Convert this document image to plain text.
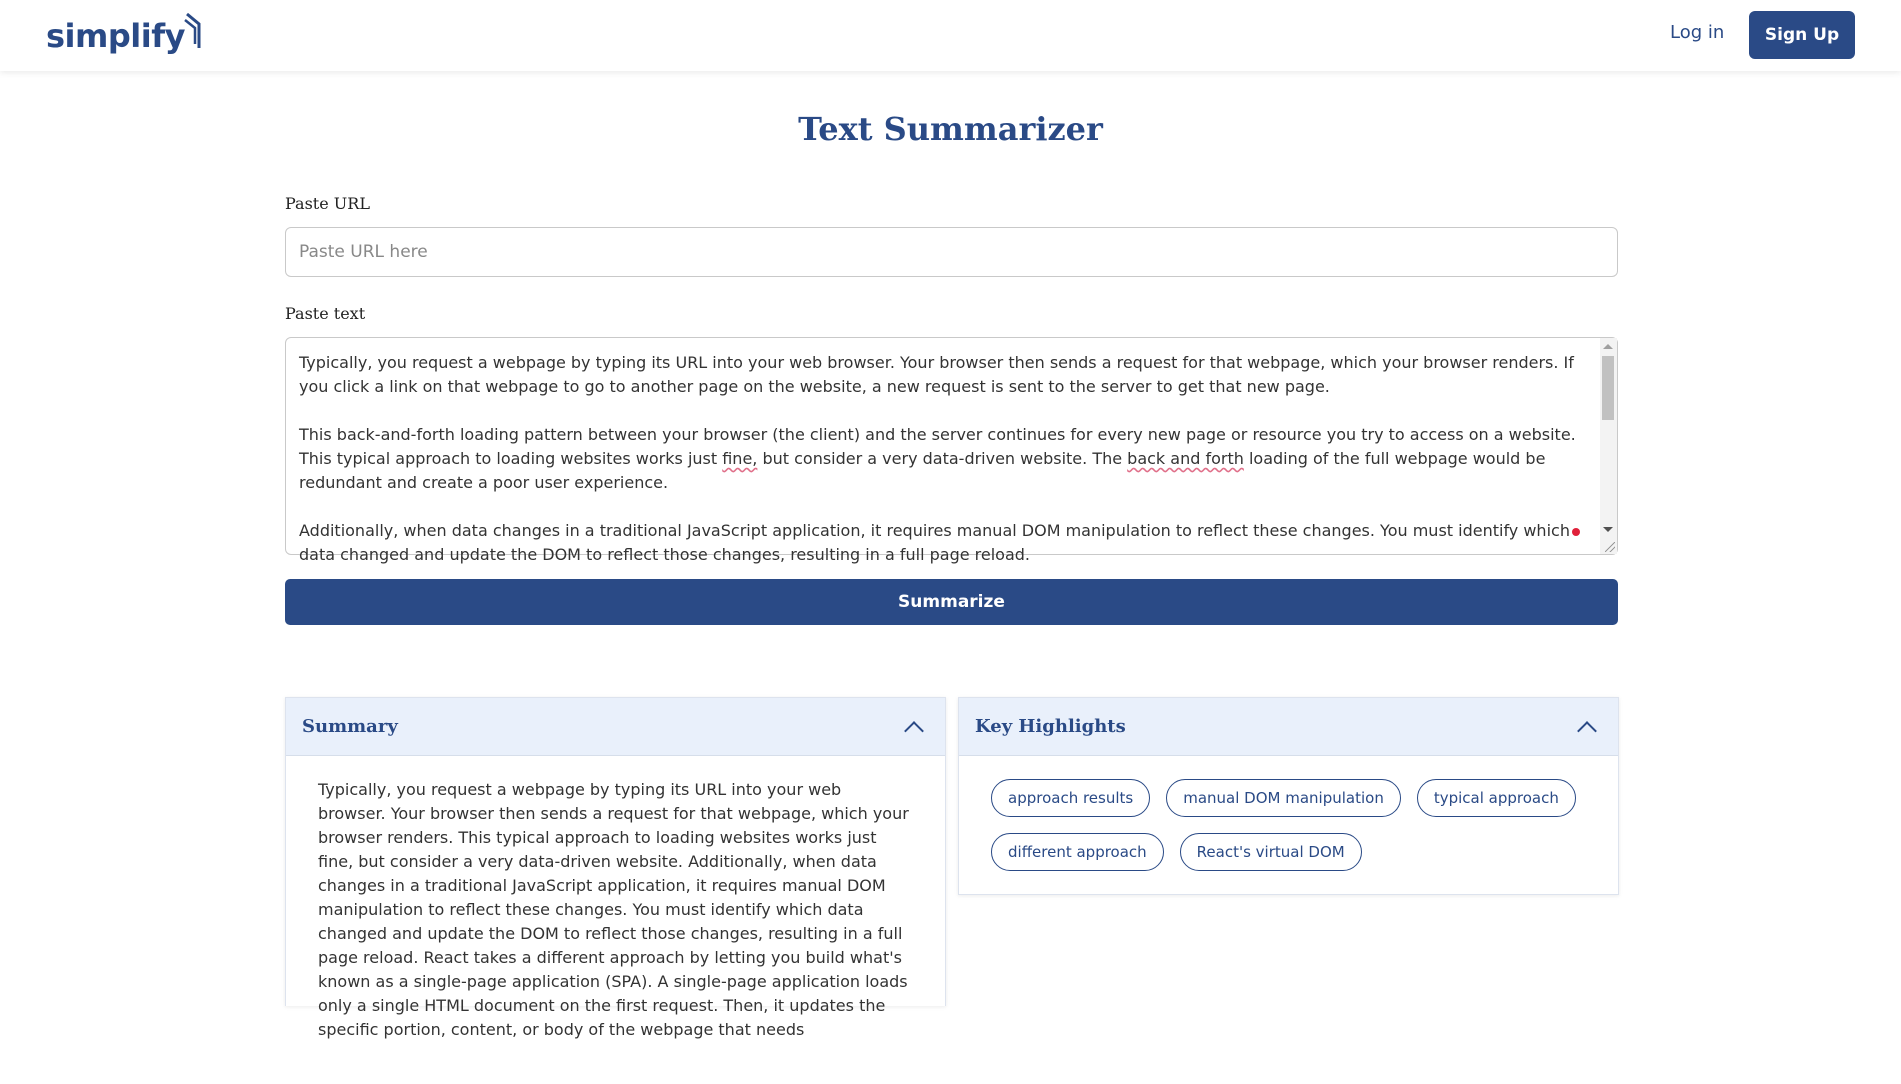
simplify	Log in	Sign Up
Text Summarizer
Paste URL
Paste URL here
Paste text

Typically, you request a webpage by typing its URL into your web browser. Your browser then sends a request for that webpage, which your browser renders. If you click a link on that webpage to go to another page on the website, a new request is sent to the server to get that new page.

This back-and-forth loading pattern between your browser (the client) and the server continues for every new page or resource you try to access on a website. This typical approach to loading websites works just fine, but consider a very data-driven website. The back and forth loading of the full webpage would be redundant and create a poor user experience.

Additionally, when data changes in a traditional JavaScript application, it requires manual DOM manipulation to reflect these changes. You must identify which data changed and update the DOM to reflect those changes, resulting in a full page reload.

Summarize
Summary
Typically, you request a webpage by typing its URL into your web browser. Your browser then sends a request for that webpage, which your browser renders. This typical approach to loading websites works just fine, but consider a very data-driven website. Additionally, when data changes in a traditional JavaScript application, it requires manual DOM manipulation to reflect these changes. You must identify which data changed and update the DOM to reflect those changes, resulting in a full page reload. React takes a different approach by letting you build what's known as a single-page application (SPA). A single-page application loads only a single HTML document on the first request. Then, it updates the specific portion, content, or body of the webpage that needs
Key Highlights
approach results	manual DOM manipulation	typical approach
different approach	React's virtual DOM
